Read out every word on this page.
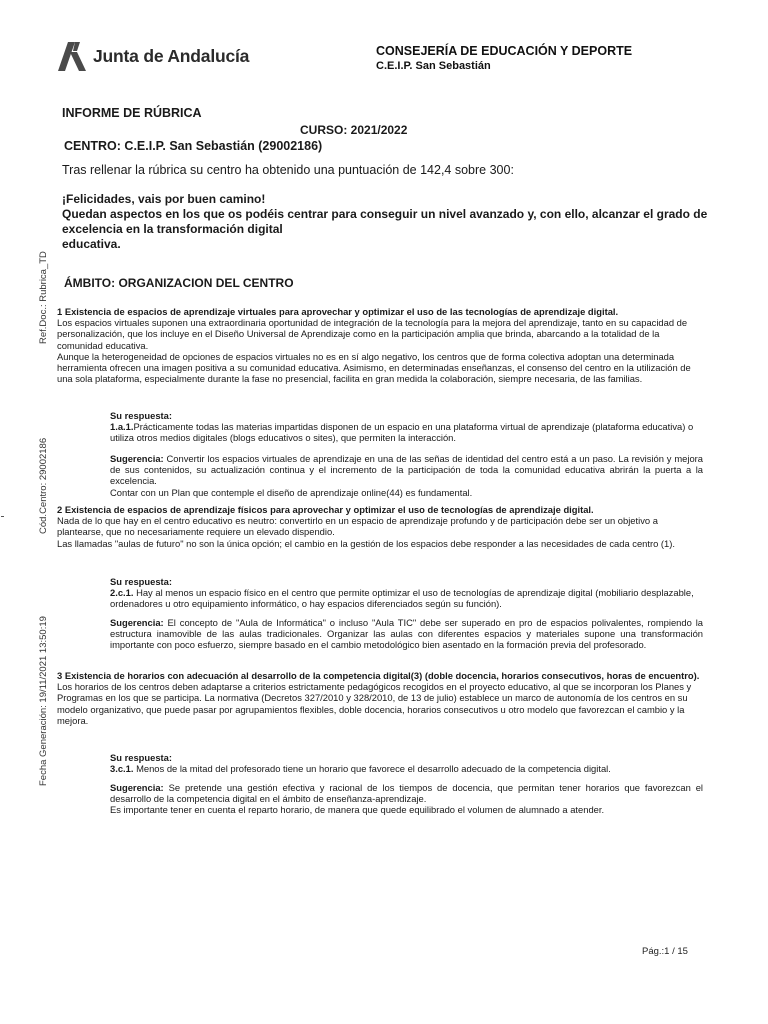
Junta de Andalucía	CONSEJERÍA DE EDUCACIÓN Y DEPORTE
C.E.I.P. San Sebastián
Ref.Doc.: Rubrica_TD
Cód.Centro: 29002186
Fecha Generación: 19/11/2021 13:50:19
INFORME DE RÚBRICA
CURSO: 2021/2022
CENTRO: C.E.I.P. San Sebastián (29002186)
Tras rellenar la rúbrica su centro ha obtenido una puntuación de 142,4 sobre 300:
¡Felicidades, vais por buen camino!
Quedan aspectos en los que os podéis centrar para conseguir un nivel avanzado y, con ello, alcanzar el grado de excelencia en la transformación digital
educativa.
ÁMBITO: ORGANIZACION DEL CENTRO

1 Existencia de espacios de aprendizaje virtuales para aprovechar y optimizar el uso de las tecnologías de aprendizaje digital.

Los espacios virtuales suponen una extraordinaria oportunidad de integración de la tecnología para la mejora del aprendizaje, tanto en su capacidad de personalización, que los incluye en el Diseño Universal de Aprendizaje como en la participación amplia que brinda, abarcando a la totalidad de la comunidad educativa.

Aunque la heterogeneidad de opciones de espacios virtuales no es en sí algo negativo, los centros que de forma colectiva adoptan una determinada herramienta ofrecen una imagen positiva a su comunidad educativa. Asimismo, en determinadas enseñanzas, el consenso del centro en la utilización de una sola plataforma, especialmente durante la fase no presencial, facilita en gran medida la colaboración, siempre necesaria, de las familias.

Su respuesta:

1.a.1.Prácticamente todas las materias impartidas disponen de un espacio en una plataforma virtual de aprendizaje (plataforma educativa) o utiliza otros medios digitales (blogs educativos o sites), que permiten la interacción.

Sugerencia: Convertir los espacios virtuales de aprendizaje en una de las señas de identidad del centro está a un paso. La revisión y mejora de sus contenidos, su actualización continua y el incremento de la participación de toda la comunidad educativa abrirán la puerta a la excelencia.

Contar con un Plan que contemple el diseño de aprendizaje online(44) es fundamental.

2 Existencia de espacios de aprendizaje físicos para aprovechar y optimizar el uso de tecnologías de aprendizaje digital.

Nada de lo que hay en el centro educativo es neutro: convertirlo en un espacio de aprendizaje profundo y de participación debe ser un objetivo a plantearse, que no necesariamente requiere un elevado dispendio.

Las llamadas "aulas de futuro" no son la única opción; el cambio en la gestión de los espacios debe responder a las necesidades de cada centro (1).

Su respuesta:

2.c.1. Hay al menos un espacio físico en el centro que permite optimizar el uso de tecnologías de aprendizaje digital (mobiliario desplazable, ordenadores u otro equipamiento informático, o hay espacios diferenciados según su función).

Sugerencia: El concepto de "Aula de Informática" o incluso "Aula TIC" debe ser superado en pro de espacios polivalentes, rompiendo la estructura inamovible de las aulas tradicionales. Organizar las aulas con diferentes espacios y materiales supone una transformación importante con poco esfuerzo, siempre basado en el cambio metodológico bien asentado en la formación previa del profesorado.

3 Existencia de horarios con adecuación al desarrollo de la competencia digital(3) (doble docencia, horarios consecutivos, horas de encuentro).

Los horarios de los centros deben adaptarse a criterios estrictamente pedagógicos recogidos en el proyecto educativo, al que se incorporan los Planes y Programas en los que se participa. La normativa (Decretos 327/2010 y 328/2010, de 13 de julio) establece un marco de autonomía de los centros en su modelo organizativo, que puede pasar por agrupamientos flexibles, doble docencia, horarios consecutivos u otro modelo que favorezcan el cambio y la mejora.

Su respuesta:

3.c.1. Menos de la mitad del profesorado tiene un horario que favorece el desarrollo adecuado de la competencia digital.

Sugerencia: Se pretende una gestión efectiva y racional de los tiempos de docencia, que permitan tener horarios que favorezcan el desarrollo de la competencia digital en el ámbito de enseñanza-aprendizaje.

Es importante tener en cuenta el reparto horario, de manera que quede equilibrado el volumen de alumnado a atender.

Pág.:1 / 15
